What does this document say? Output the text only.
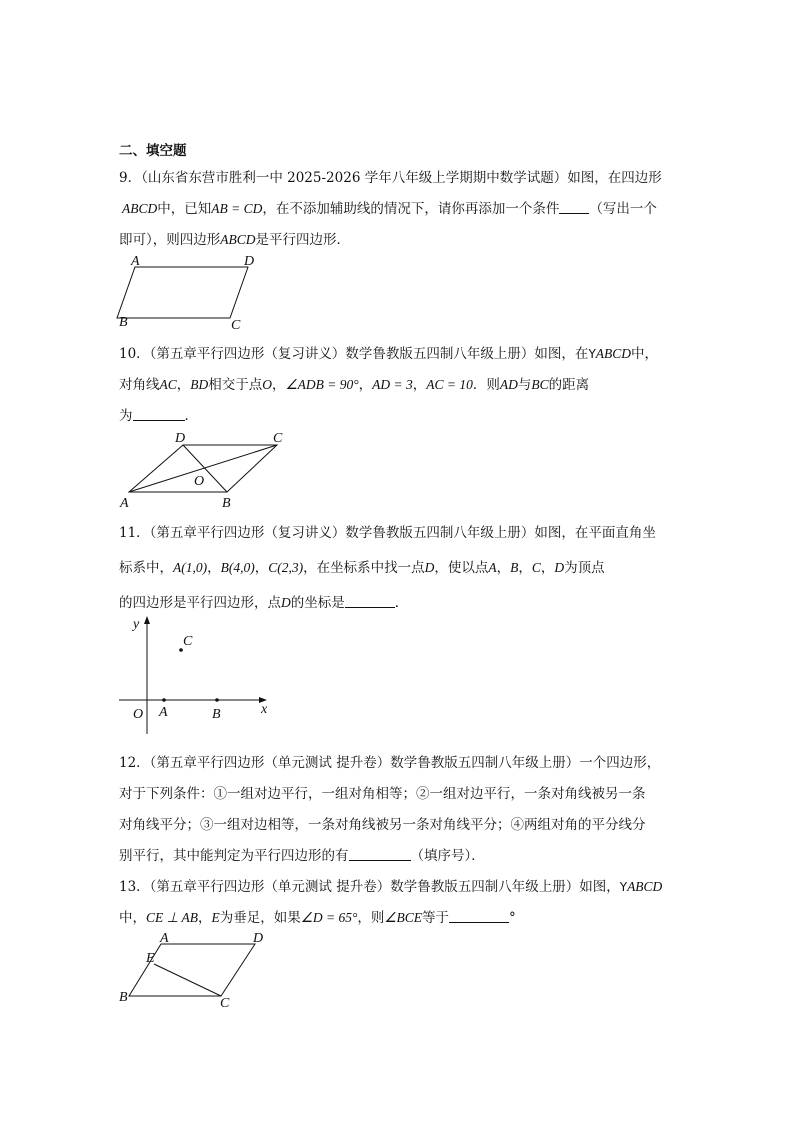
二、填空题
9．（山东省东营市胜利一中 2025-2026 学年八年级上学期期中数学试题）如图，在四边形
ABCD中，已知AB = CD，在不添加辅助线的情况下，请你再添加一个条件 （写出一个
即可），则四边形ABCD是平行四边形．
A	D
B	C
10．（第五章平行四边形（复习讲义）数学鲁教版五四制八年级上册）如图，在YABCD中，
对角线AC，BD相交于点O，∠ADB = 90°，AD = 3，AC = 10．则AD与BC的距离
为	．
D	C
O
A	B
11．（第五章平行四边形（复习讲义）数学鲁教版五四制八年级上册）如图，在平面直角坐
标系中，A(1,0)，B(4,0)，C(2,3)，在坐标系中找一点D，使以点A，B，C，D为顶点
的四边形是平行四边形，点D的坐标是	．
y
x
O A	B
C
12．（第五章平行四边形（单元测试 提升卷）数学鲁教版五四制八年级上册）一个四边形，
对于下列条件：①一组对边平行，一组对角相等；②一组对边平行，一条对角线被另一条
对角线平分；③一组对边相等，一条对角线被另一条对角线平分；④两组对角的平分线分
别平行，其中能判定为平行四边形的有	（填序号）．
13．（第五章平行四边形（单元测试 提升卷）数学鲁教版五四制八年级上册）如图，YABCD
中，CE ⊥ AB，E为垂足，如果∠D = 65°，则∠BCE等于	°
A	D
E
B	C
